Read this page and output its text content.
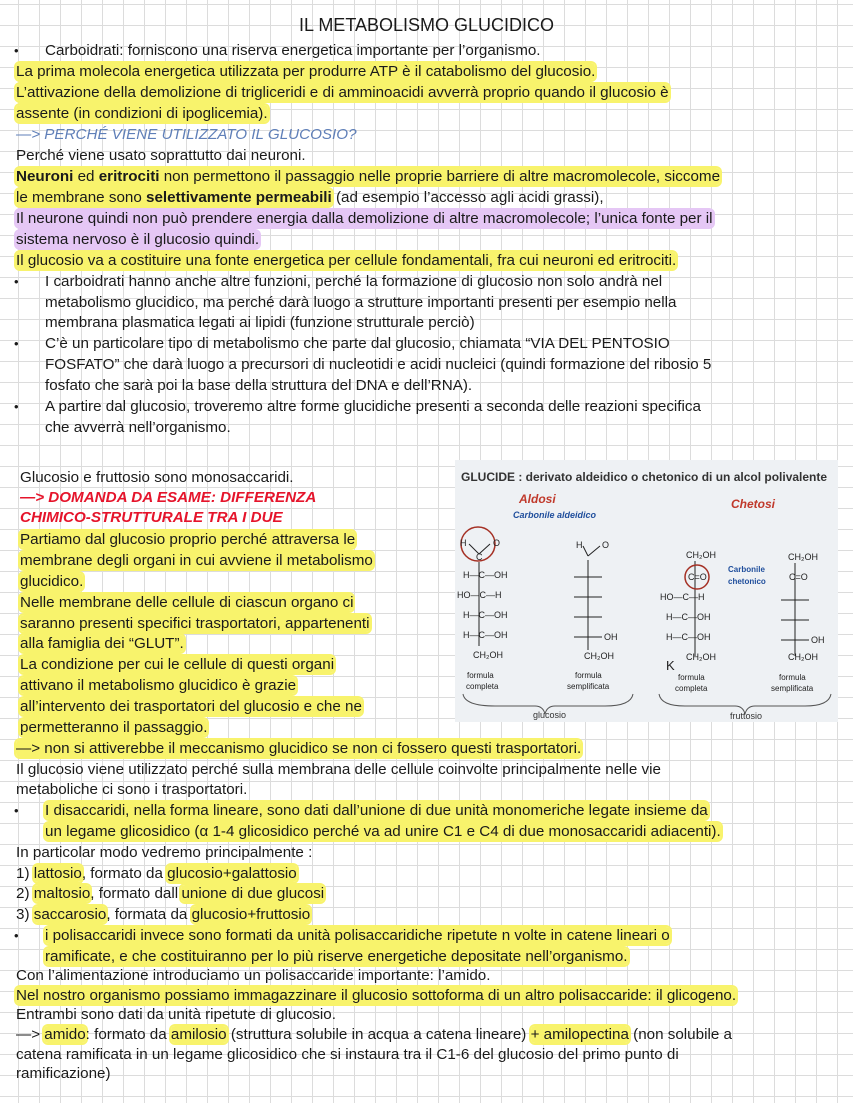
IL METABOLISMO GLUCIDICO
• Carboidrati: forniscono una riserva energetica importante per l’organismo.
La prima molecola energetica utilizzata per produrre ATP è il catabolismo del glucosio.
L’attivazione della demolizione di trigliceridi e di amminoacidi avverrà proprio quando il glucosio è
assente (in condizioni di ipoglicemia).
—> PERCHÉ VIENE UTILIZZATO IL GLUCOSIO?
Perché viene usato soprattutto dai neuroni.
Neuroni ed eritrociti non permettono il passaggio nelle proprie barriere di altre macromolecole, siccome
le membrane sono selettivamente permeabili (ad esempio l’accesso agli acidi grassi),
Il neurone quindi non può prendere energia dalla demolizione di altre macromolecole; l’unica fonte per il
sistema nervoso è il glucosio quindi.
Il glucosio va a costituire una fonte energetica per cellule fondamentali, fra cui neuroni ed eritrociti.
• I carboidrati hanno anche altre funzioni, perché la formazione di glucosio non solo andrà nel
metabolismo glucidico, ma perché darà luogo a strutture importanti presenti per esempio nella
membrana plasmatica legati ai lipidi (funzione strutturale perciò)
• C’è un particolare tipo di metabolismo che parte dal glucosio, chiamata “VIA DEL PENTOSIO
FOSFATO” che darà luogo a precursori di nucleotidi e acidi nucleici (quindi formazione del ribosio 5
fosfato che sarà poi la base della struttura del DNA e dell’RNA).
• A partire dal glucosio, troveremo altre forme glucidiche presenti a seconda delle reazioni specifica
che avverrà nell’organismo.
Glucosio e fruttosio sono monosaccaridi.
—> DOMANDA DA ESAME: DIFFERENZA
CHIMICO-STRUTTURALE TRA I DUE
Partiamo dal glucosio proprio perché attraversa le
membrane degli organi in cui avviene il metabolismo
glucidico.
Nelle membrane delle cellule di ciascun organo ci
saranno presenti specifici trasportatori, appartenenti
alla famiglia dei “GLUT”.
La condizione per cui le cellule di questi organi
attivano il metabolismo glucidico è grazie
all’intervento dei trasportatori del glucosio e che ne
permetteranno il passaggio.
—> non si attiverebbe il meccanismo glucidico se non ci fossero questi trasportatori.
Il glucosio viene utilizzato perché sulla membrana delle cellule coinvolte principalmente nelle vie
metaboliche ci sono i trasportatori.
• I disaccaridi, nella forma lineare, sono dati dall’unione di due unità monomeriche legate insieme da
un legame glicosidico (α 1-4 glicosidico perché va ad unire C1 e C4 di due monosaccaridi adiacenti).
In particolar modo vedremo principalmente :
1) lattosio, formato da glucosio+galattosio
2) maltosio, formato dall’unione di due glucosi
3) saccarosio, formata da glucosio+fruttosio
• i polisaccaridi invece sono formati da unità polisaccaridiche ripetute n volte in catene lineari o
ramificate, e che costituiranno per lo più riserve energetiche depositate nell’organismo.
Con l’alimentazione introduciamo un polisaccaride importante: l’amido.
Nel nostro organismo possiamo immagazzinare il glucosio sottoforma di un altro polisaccaride: il glicogeno.
Entrambi sono dati da unità ripetute di glucosio.
—> amido: formato da amilosio (struttura solubile in acqua a catena lineare) + amilopectina (non solubile a
catena ramificata in un legame glicosidico che si instaura tra il C1-6 del glucosio del primo punto di
ramificazione)
GLUCIDE : derivato aldeidico o chetonico di un alcol polivalente
Aldosi
Carbonile aldeidico
Chetosi
H	O
C
H—C—OH
HO—C—H
H—C—OH
H—C—OH
CH₂OH
formula
completa
H O
OH
CH₂OH
formula
semplificata
CH₂OH
C=O
Carbonile
chetonico
HO—C—H
H—C—OH
H—C—OH
CH₂OH
K
formula
completa
CH₂OH
C=O
OH
CH₂OH
formula
semplificata
glucosio	fruttosio
